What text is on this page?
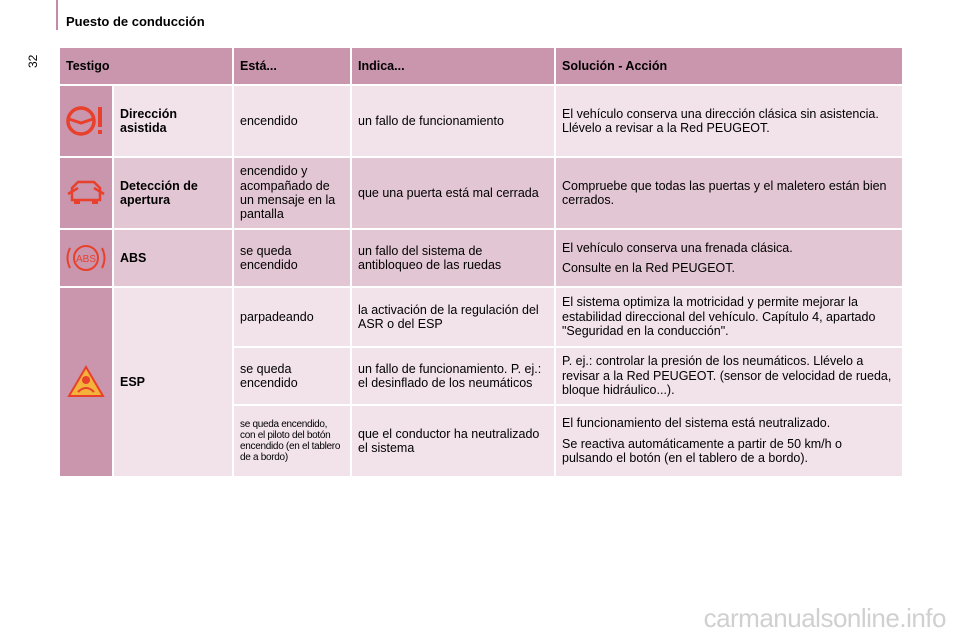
Puesto de conducción
32 Testigo		Está...	Indica...	Solución - Acción

	Dirección asistida	encendido	un fallo de funcionamiento	El vehículo conserva una dirección clásica sin asistencia. Llévelo a revisar a la Red PEUGEOT.

	Detección de apertura	encendido y acompañado de un mensaje en la pantalla	que una puerta está mal cerrada	Compruebe que todas las puertas y el maletero están bien cerrados.

ABS	ABS	se queda encendido	un fallo del sistema de antibloqueo de las ruedas	El vehículo conserva una frenada clásica.
Consulte en la Red PEUGEOT.

	ESP	parpadeando	la activación de la regulación del ASR o del ESP	El sistema optimiza la motricidad y permite mejorar la estabilidad direccional del vehículo. Capítulo 4, apartado "Seguridad en la conducción".
		se queda encendido	un fallo de funcionamiento. P. ej.: el desinflado de los neumáticos	P. ej.: controlar la presión de los neumáticos. Llévelo a revisar a la Red PEUGEOT. (sensor de velocidad de rueda, bloque hidráulico...).
		se queda encendido, con el piloto del botón encendido (en el tablero de a bordo)	que el conductor ha neutralizado el sistema	El funcionamiento del sistema está neutralizado.
Se reactiva automáticamente a partir de 50 km/h o pulsando el botón (en el tablero de a bordo).
carmanualsonline.info
